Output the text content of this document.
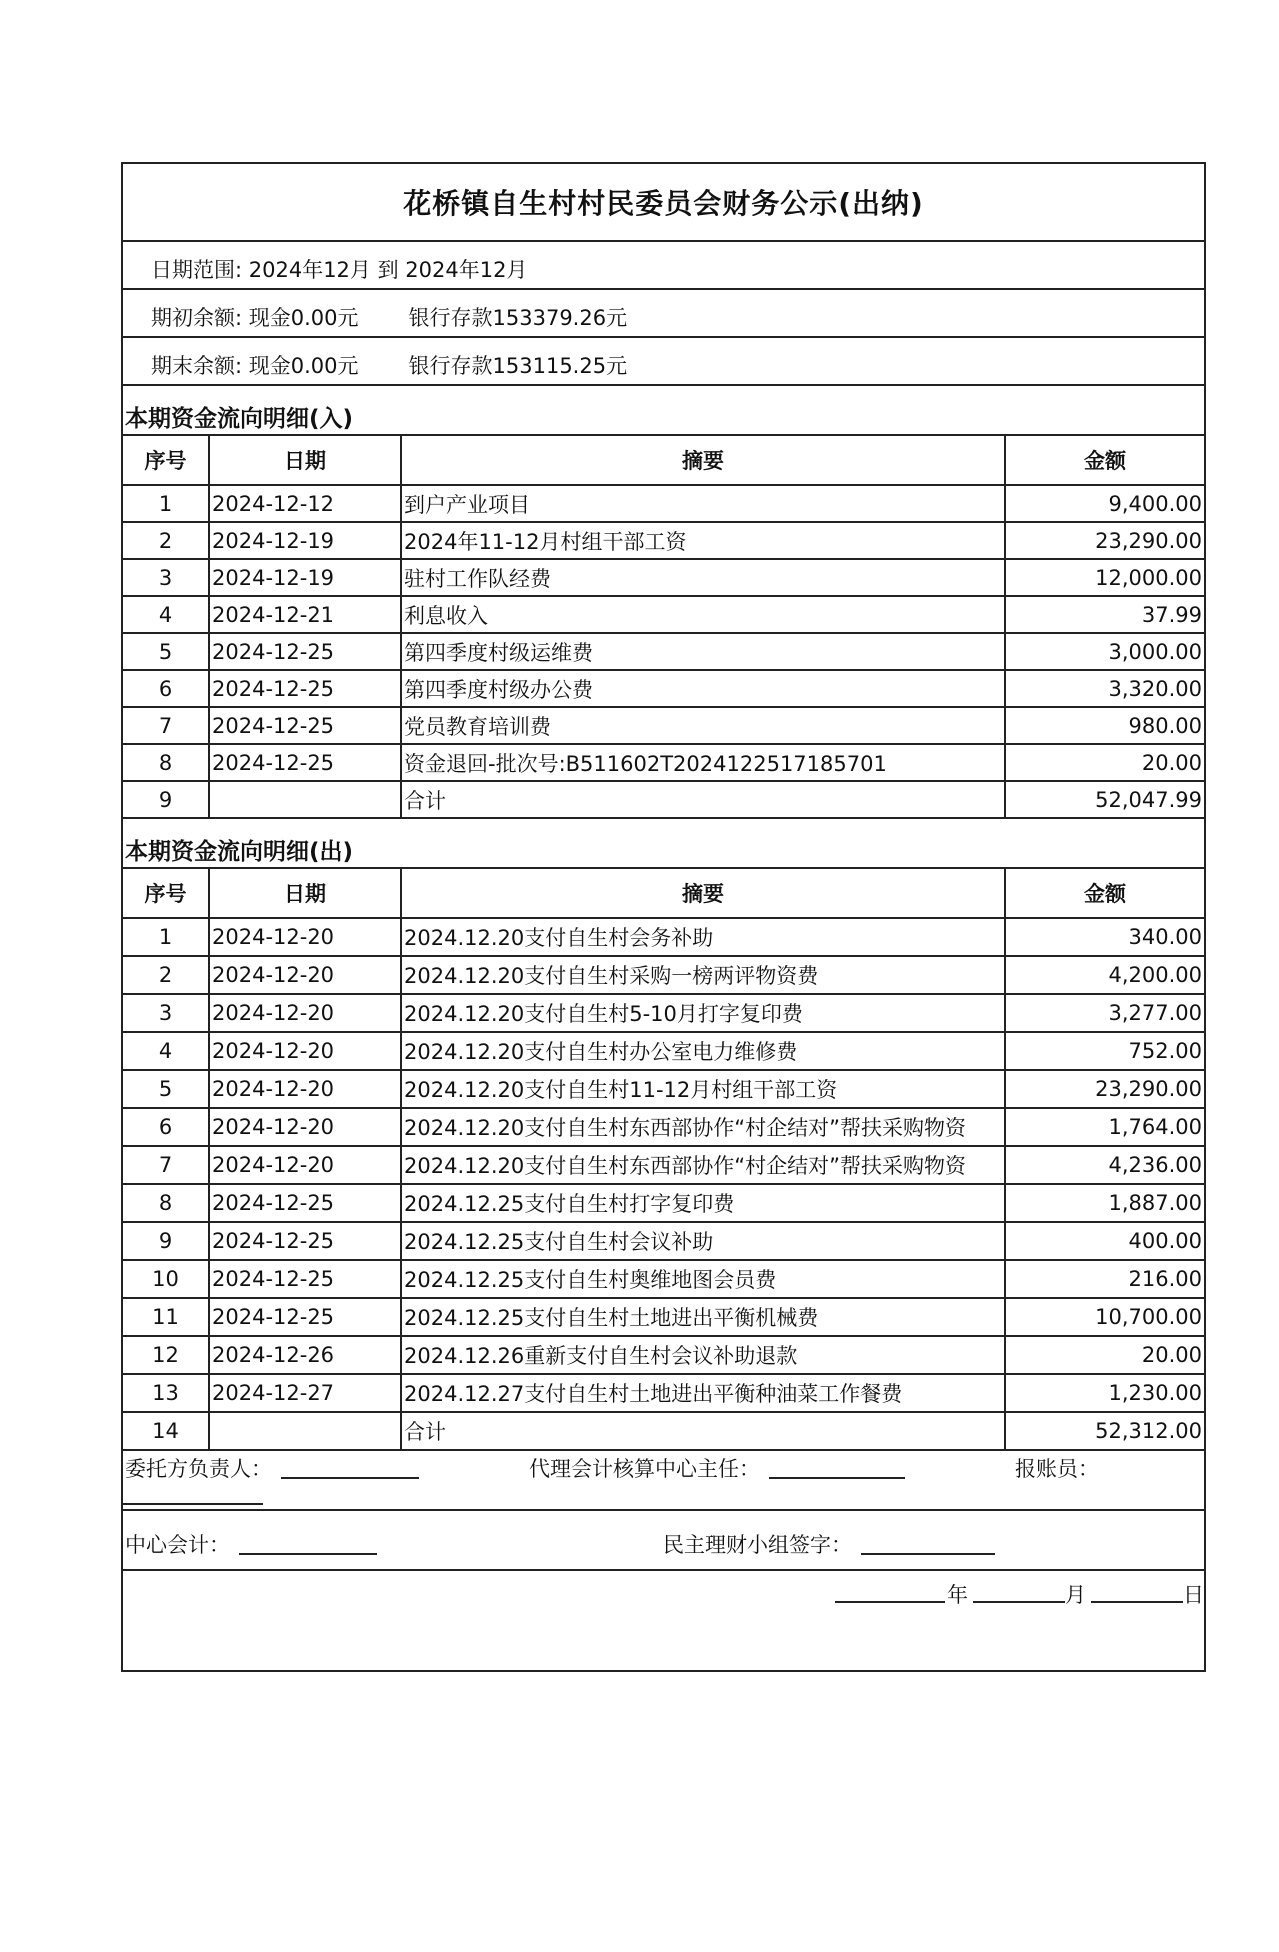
花桥镇自生村村民委员会财务公示(出纳)
日期范围: 2024年12月 到 2024年12月
期初余额: 现金0.00元 银行存款153379.26元
期末余额: 现金0.00元 银行存款153115.25元
本期资金流向明细(入)
序号	日期	摘要	金额
1	2024-12-12	到户产业项目	9,400.00
2	2024-12-19	2024年11-12月村组干部工资	23,290.00
3	2024-12-19	驻村工作队经费	12,000.00
4	2024-12-21	利息收入	37.99
5	2024-12-25	第四季度村级运维费	3,000.00
6	2024-12-25	第四季度村级办公费	3,320.00
7	2024-12-25	党员教育培训费	980.00
8	2024-12-25	资金退回-批次号:B511602T2024122517185701	20.00
9		合计	52,047.99
本期资金流向明细(出)
序号	日期	摘要	金额
1	2024-12-20	2024.12.20支付自生村会务补助	340.00
2	2024-12-20	2024.12.20支付自生村采购一榜两评物资费	4,200.00
3	2024-12-20	2024.12.20支付自生村5-10月打字复印费	3,277.00
4	2024-12-20	2024.12.20支付自生村办公室电力维修费	752.00
5	2024-12-20	2024.12.20支付自生村11-12月村组干部工资	23,290.00
6	2024-12-20	2024.12.20支付自生村东西部协作“村企结对”帮扶采购物资	1,764.00
7	2024-12-20	2024.12.20支付自生村东西部协作“村企结对”帮扶采购物资	4,236.00
8	2024-12-25	2024.12.25支付自生村打字复印费	1,887.00
9	2024-12-25	2024.12.25支付自生村会议补助	400.00
10	2024-12-25	2024.12.25支付自生村奥维地图会员费	216.00
11	2024-12-25	2024.12.25支付自生村土地进出平衡机械费	10,700.00
12	2024-12-26	2024.12.26重新支付自生村会议补助退款	20.00
13	2024-12-27	2024.12.27支付自生村土地进出平衡种油菜工作餐费	1,230.00
14		合计	52,312.00
委托方负责人：	代理会计核算中心主任：	报账员：
中心会计：	民主理财小组签字：
年	月	日
